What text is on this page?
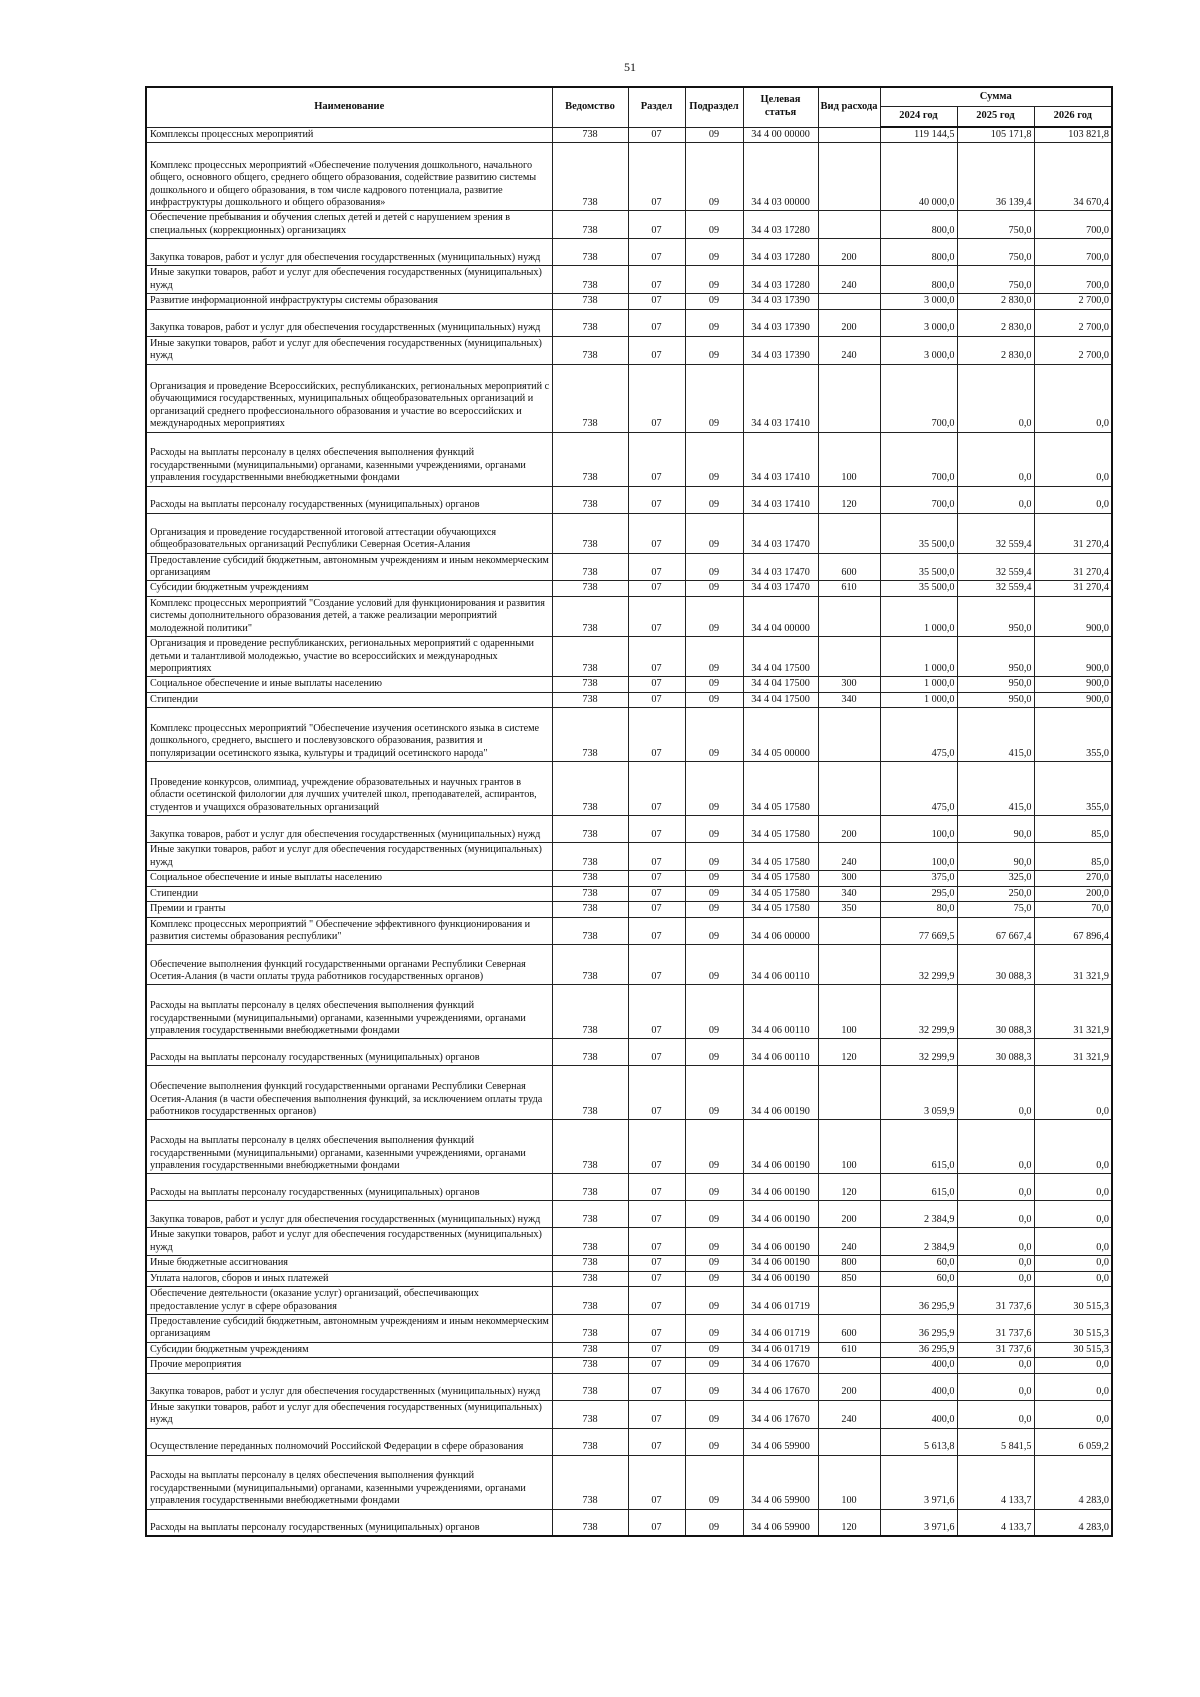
51
Наименование	Ведомство	Раздел	Подраздел	Целевая статья	Вид расхода	Сумма		
						2024 год	2025 год	2026 год
Комплексы процессных мероприятий	738	07	09	34 4 00 00000		119 144,5	105 171,8	103 821,8
Комплекс процессных мероприятий «Обеспечение получения дошкольного, начального общего, основного общего, среднего общего образования, содействие развитию системы дошкольного и общего образования, в том числе кадрового потенциала, развитие инфраструктуры дошкольного и общего образования»	738	07	09	34 4 03 00000		40 000,0	36 139,4	34 670,4
Обеспечение пребывания и обучения слепых детей и детей с нарушением зрения в специальных (коррекционных) организациях	738	07	09	34 4 03 17280		800,0	750,0	700,0
Закупка товаров, работ и услуг для обеспечения государственных (муниципальных) нужд	738	07	09	34 4 03 17280	200	800,0	750,0	700,0
Иные закупки товаров, работ и услуг для обеспечения государственных (муниципальных) нужд	738	07	09	34 4 03 17280	240	800,0	750,0	700,0
Развитие информационной инфраструктуры системы образования	738	07	09	34 4 03 17390		3 000,0	2 830,0	2 700,0
Закупка товаров, работ и услуг для обеспечения государственных (муниципальных) нужд	738	07	09	34 4 03 17390	200	3 000,0	2 830,0	2 700,0
Иные закупки товаров, работ и услуг для обеспечения государственных (муниципальных) нужд	738	07	09	34 4 03 17390	240	3 000,0	2 830,0	2 700,0
Организация и проведение Всероссийских, республиканских, региональных мероприятий с обучающимися государственных, муниципальных общеобразовательных организаций и организаций среднего профессионального образования и участие во всероссийских и международных мероприятиях	738	07	09	34 4 03 17410		700,0	0,0	0,0
Расходы на выплаты персоналу в целях обеспечения выполнения функций государственными (муниципальными) органами, казенными учреждениями, органами управления государственными внебюджетными фондами	738	07	09	34 4 03 17410	100	700,0	0,0	0,0
Расходы на выплаты персоналу государственных (муниципальных) органов	738	07	09	34 4 03 17410	120	700,0	0,0	0,0
Организация и проведение государственной итоговой аттестации обучающихся общеобразовательных организаций Республики Северная Осетия-Алания	738	07	09	34 4 03 17470		35 500,0	32 559,4	31 270,4
Предоставление субсидий бюджетным, автономным учреждениям и иным некоммерческим организациям	738	07	09	34 4 03 17470	600	35 500,0	32 559,4	31 270,4
Субсидии бюджетным учреждениям	738	07	09	34 4 03 17470	610	35 500,0	32 559,4	31 270,4
Комплекс процессных мероприятий "Создание условий для функционирования и развития системы дополнительного образования детей, а также реализации мероприятий молодежной политики"	738	07	09	34 4 04 00000		1 000,0	950,0	900,0
Организация и проведение республиканских, региональных мероприятий с одаренными детьми и талантливой молодежью, участие во всероссийских и международных мероприятиях	738	07	09	34 4 04 17500		1 000,0	950,0	900,0
Социальное обеспечение и иные выплаты населению	738	07	09	34 4 04 17500	300	1 000,0	950,0	900,0
Стипендии	738	07	09	34 4 04 17500	340	1 000,0	950,0	900,0
Комплекс процессных мероприятий "Обеспечение изучения осетинского языка в системе дошкольного, среднего, высшего и послевузовского образования, развития и популяризации осетинского языка, культуры и традиций осетинского народа"	738	07	09	34 4 05 00000		475,0	415,0	355,0
Проведение конкурсов, олимпиад, учреждение образовательных и научных грантов в области осетинской филологии для лучших учителей школ, преподавателей, аспирантов, студентов и учащихся образовательных организаций	738	07	09	34 4 05 17580		475,0	415,0	355,0
Закупка товаров, работ и услуг для обеспечения государственных (муниципальных) нужд	738	07	09	34 4 05 17580	200	100,0	90,0	85,0
Иные закупки товаров, работ и услуг для обеспечения государственных (муниципальных) нужд	738	07	09	34 4 05 17580	240	100,0	90,0	85,0
Социальное обеспечение и иные выплаты населению	738	07	09	34 4 05 17580	300	375,0	325,0	270,0
Стипендии	738	07	09	34 4 05 17580	340	295,0	250,0	200,0
Премии и гранты	738	07	09	34 4 05 17580	350	80,0	75,0	70,0
Комплекс процессных мероприятий " Обеспечение эффективного функционирования и развития системы образования республики"	738	07	09	34 4 06 00000		77 669,5	67 667,4	67 896,4
Обеспечение выполнения функций государственными органами Республики Северная Осетия-Алания (в части оплаты труда работников государственных органов)	738	07	09	34 4 06 00110		32 299,9	30 088,3	31 321,9
Расходы на выплаты персоналу в целях обеспечения выполнения функций государственными (муниципальными) органами, казенными учреждениями, органами управления государственными внебюджетными фондами	738	07	09	34 4 06 00110	100	32 299,9	30 088,3	31 321,9
Расходы на выплаты персоналу государственных (муниципальных) органов	738	07	09	34 4 06 00110	120	32 299,9	30 088,3	31 321,9
Обеспечение выполнения функций государственными органами Республики Северная Осетия-Алания (в части обеспечения выполнения функций, за исключением оплаты труда работников государственных органов)	738	07	09	34 4 06 00190		3 059,9	0,0	0,0
Расходы на выплаты персоналу в целях обеспечения выполнения функций государственными (муниципальными) органами, казенными учреждениями, органами управления государственными внебюджетными фондами	738	07	09	34 4 06 00190	100	615,0	0,0	0,0
Расходы на выплаты персоналу государственных (муниципальных) органов	738	07	09	34 4 06 00190	120	615,0	0,0	0,0
Закупка товаров, работ и услуг для обеспечения государственных (муниципальных) нужд	738	07	09	34 4 06 00190	200	2 384,9	0,0	0,0
Иные закупки товаров, работ и услуг для обеспечения государственных (муниципальных) нужд	738	07	09	34 4 06 00190	240	2 384,9	0,0	0,0
Иные бюджетные ассигнования	738	07	09	34 4 06 00190	800	60,0	0,0	0,0
Уплата налогов, сборов и иных платежей	738	07	09	34 4 06 00190	850	60,0	0,0	0,0
Обеспечение деятельности (оказание услуг) организаций, обеспечивающих предоставление услуг в сфере образования	738	07	09	34 4 06 01719		36 295,9	31 737,6	30 515,3
Предоставление субсидий бюджетным, автономным учреждениям и иным некоммерческим организациям	738	07	09	34 4 06 01719	600	36 295,9	31 737,6	30 515,3
Субсидии бюджетным учреждениям	738	07	09	34 4 06 01719	610	36 295,9	31 737,6	30 515,3
Прочие мероприятия	738	07	09	34 4 06 17670		400,0	0,0	0,0
Закупка товаров, работ и услуг для обеспечения государственных (муниципальных) нужд	738	07	09	34 4 06 17670	200	400,0	0,0	0,0
Иные закупки товаров, работ и услуг для обеспечения государственных (муниципальных) нужд	738	07	09	34 4 06 17670	240	400,0	0,0	0,0
Осуществление переданных полномочий Российской Федерации в сфере образования	738	07	09	34 4 06 59900		5 613,8	5 841,5	6 059,2
Расходы на выплаты персоналу в целях обеспечения выполнения функций государственными (муниципальными) органами, казенными учреждениями, органами управления государственными внебюджетными фондами	738	07	09	34 4 06 59900	100	3 971,6	4 133,7	4 283,0
Расходы на выплаты персоналу государственных (муниципальных) органов	738	07	09	34 4 06 59900	120	3 971,6	4 133,7	4 283,0
